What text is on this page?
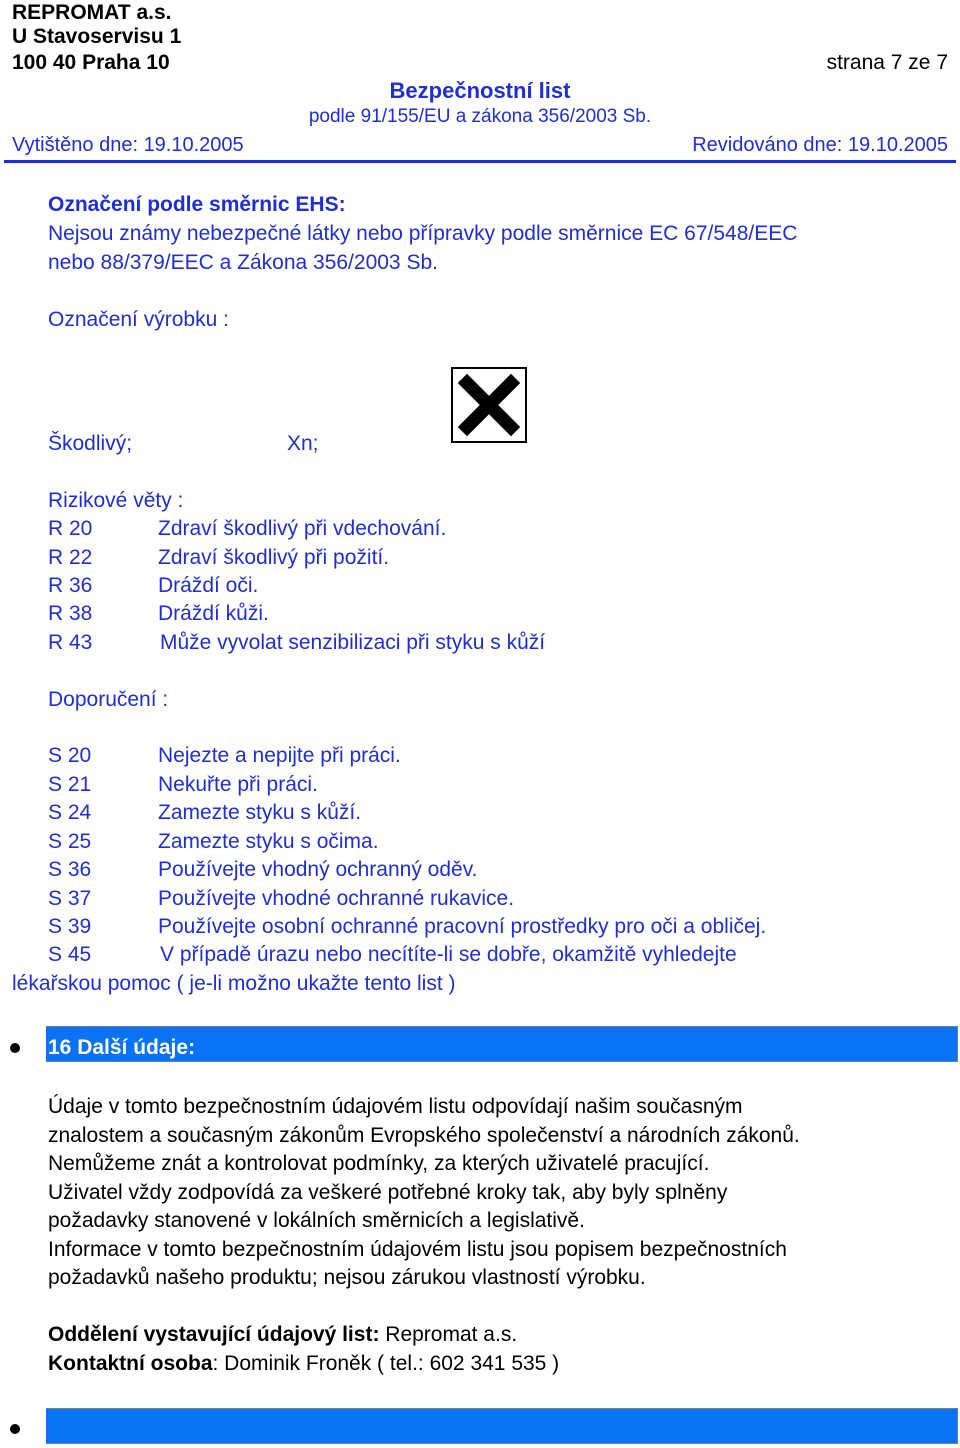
REPROMAT a.s.
U Stavoservisu 1
100 40 Praha 10	strana 7 ze 7
Bezpečnostní list
podle 91/155/EU a zákona 356/2003 Sb.
Vytištěno dne: 19.10.2005	Revidováno dne: 19.10.2005
Označení podle směrnic EHS:
Nejsou známy nebezpečné látky nebo přípravky podle směrnice EC 67/548/EEC
nebo 88/379/EEC a Zákona 356/2003 Sb.
Označení výrobku :
Škodlivý;	Xn;
Rizikové věty :
R 20	Zdraví škodlivý při vdechování.
R 22	Zdraví škodlivý při požití.
R 36	Dráždí oči.
R 38	Dráždí kůži.
R 43	Může vyvolat senzibilizaci při styku s kůží
Doporučení :
S 20	Nejezte a nepijte při práci.
S 21	Nekuřte při práci.
S 24	Zamezte styku s kůží.
S 25	Zamezte styku s očima.
S 36	Používejte vhodný ochranný oděv.
S 37	Používejte vhodné ochranné rukavice.
S 39	Používejte osobní ochranné pracovní prostředky pro oči a obličej.
S 45	V případě úrazu nebo necítíte-li se dobře, okamžitě vyhledejte
lékařskou pomoc ( je-li možno ukažte tento list )
16 Další údaje:
Údaje v tomto bezpečnostním údajovém listu odpovídají našim současným
znalostem a současným zákonům Evropského společenství a národních zákonů.
Nemůžeme znát a kontrolovat podmínky, za kterých uživatelé pracující.
Uživatel vždy zodpovídá za veškeré potřebné kroky tak, aby byly splněny
požadavky stanovené v lokálních směrnicích a legislativě.
Informace v tomto bezpečnostním údajovém listu jsou popisem bezpečnostních
požadavků našeho produktu; nejsou zárukou vlastností výrobku.
Oddělení vystavující údajový list: Repromat a.s.
Kontaktní osoba: Dominik Froněk ( tel.: 602 341 535 )
